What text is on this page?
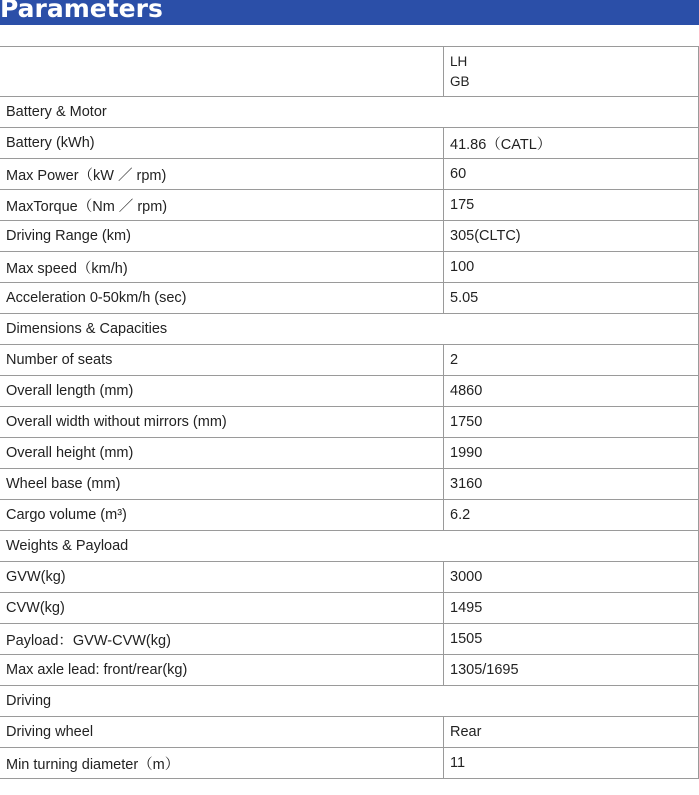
Parameters

	LH
GB

Battery & Motor	
Battery (kWh)	41.86（CATL）
Max Power（kW ／ rpm)	60
MaxTorque（Nm ／ rpm)	175
Driving Range (km)	305(CLTC)
Max speed（km/h)	100
Acceleration 0-50km/h (sec)	5.05
Dimensions & Capacities	
Number of seats	2
Overall length (mm)	4860
Overall width without mirrors (mm)	1750
Overall height (mm)	1990
Wheel base (mm)	3160
Cargo volume (m³)	6.2
Weights & Payload	
GVW(kg)	3000
CVW(kg)	1495
Payload：GVW-CVW(kg)	1505
Max axle lead: front/rear(kg)	1305/1695
Driving	
Driving wheel	Rear
Min turning diameter（m）	11
